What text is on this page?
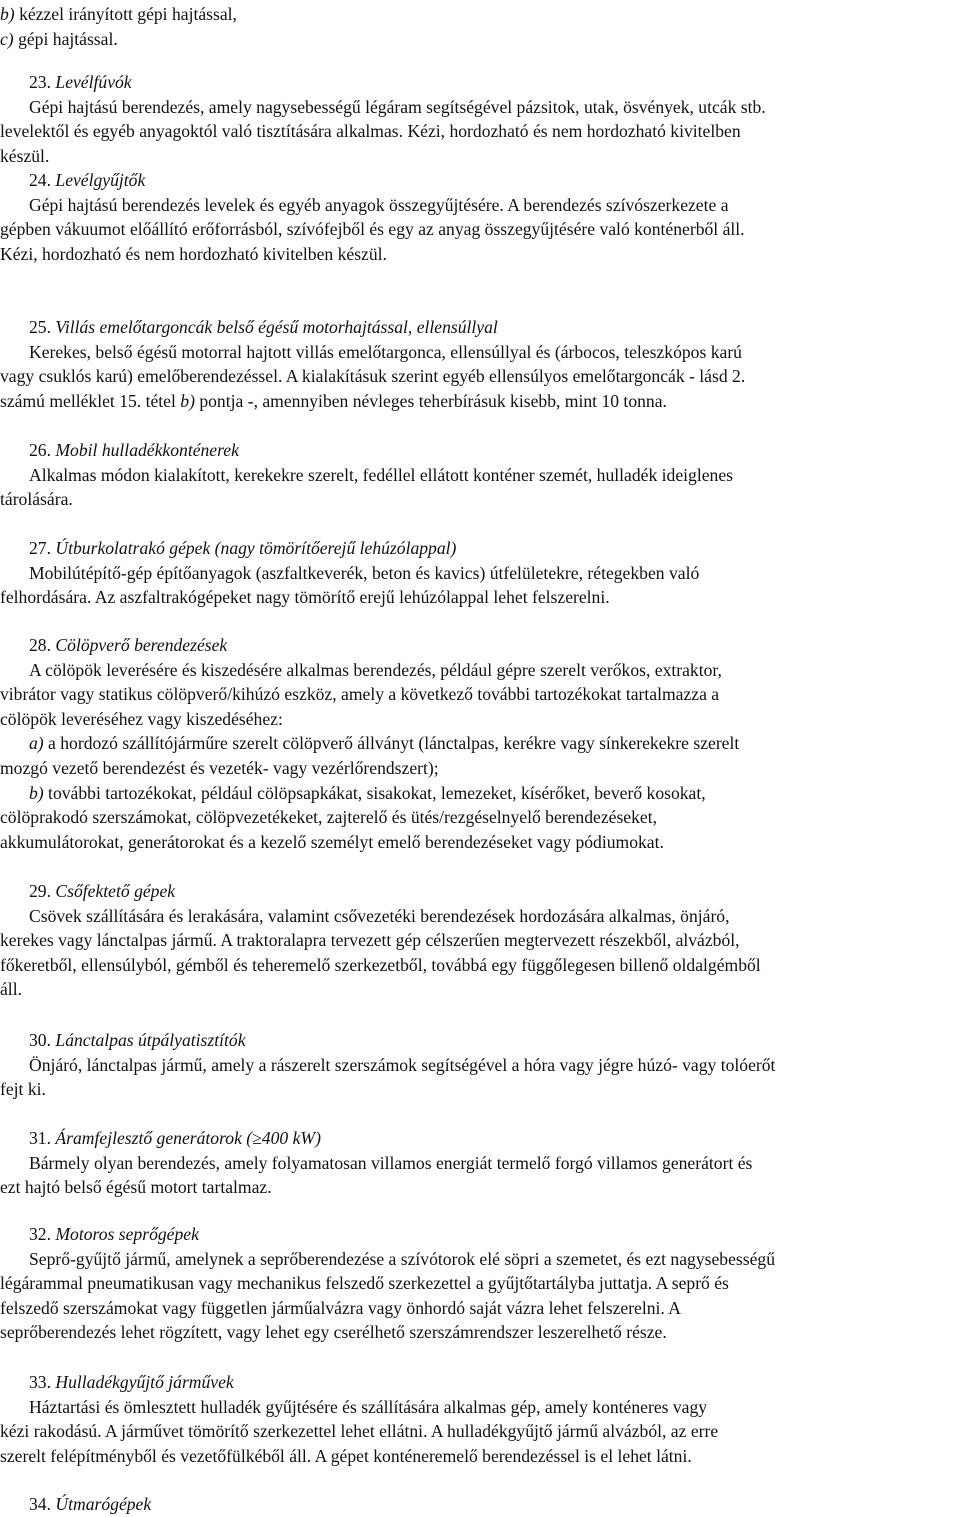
b) kézzel irányított gépi hajtással,

c) gépi hajtással.

23. Levélfúvók

Gépi hajtású berendezés, amely nagysebességű légáram segítségével pázsitok, utak, ösvények, utcák stb.

levelektől és egyéb anyagoktól való tisztítására alkalmas. Kézi, hordozható és nem hordozható kivitelben

készül.

24. Levélgyűjtők

Gépi hajtású berendezés levelek és egyéb anyagok összegyűjtésére. A berendezés szívószerkezete a

gépben vákuumot előállító erőforrásból, szívófejből és egy az anyag összegyűjtésére való konténerből áll.

Kézi, hordozható és nem hordozható kivitelben készül.

25. Villás emelőtargoncák belső égésű motorhajtással, ellensúllyal

Kerekes, belső égésű motorral hajtott villás emelőtargonca, ellensúllyal és (árbocos, teleszkópos karú

vagy csuklós karú) emelőberendezéssel. A kialakításuk szerint egyéb ellensúlyos emelőtargoncák - lásd 2.

számú melléklet 15. tétel b) pontja -, amennyiben névleges teherbírásuk kisebb, mint 10 tonna.

26. Mobil hulladékkonténerek

Alkalmas módon kialakított, kerekekre szerelt, fedéllel ellátott konténer szemét, hulladék ideiglenes

tárolására.

27. Útburkolatrakó gépek (nagy tömörítőerejű lehúzólappal)

Mobilútépítő-gép építőanyagok (aszfaltkeverék, beton és kavics) útfelületekre, rétegekben való

felhordására. Az aszfaltrakógépeket nagy tömörítő erejű lehúzólappal lehet felszerelni.

28. Cölöpverő berendezések

A cölöpök leverésére és kiszedésére alkalmas berendezés, például gépre szerelt verőkos, extraktor,

vibrátor vagy statikus cölöpverő/kihúzó eszköz, amely a következő további tartozékokat tartalmazza a

cölöpök leveréséhez vagy kiszedéséhez:

a) a hordozó szállítójárműre szerelt cölöpverő állványt (lánctalpas, kerékre vagy sínkerekekre szerelt

mozgó vezető berendezést és vezeték- vagy vezérlőrendszert);

b) további tartozékokat, például cölöpsapkákat, sisakokat, lemezeket, kísérőket, beverő kosokat,

cölöprakodó szerszámokat, cölöpvezetékeket, zajterelő és ütés/rezgéselnyelő berendezéseket,

akkumulátorokat, generátorokat és a kezelő személyt emelő berendezéseket vagy pódiumokat.

29. Csőfektető gépek

Csövek szállítására és lerakására, valamint csővezetéki berendezések hordozására alkalmas, önjáró,

kerekes vagy lánctalpas jármű. A traktoralapra tervezett gép célszerűen megtervezett részekből, alvázból,

főkeretből, ellensúlyból, gémből és teheremelő szerkezetből, továbbá egy függőlegesen billenő oldalgémből

áll.

30. Lánctalpas útpályatisztítók

Önjáró, lánctalpas jármű, amely a rászerelt szerszámok segítségével a hóra vagy jégre húzó- vagy tolóerőt

fejt ki.

31. Áramfejlesztő generátorok (≥400 kW)

Bármely olyan berendezés, amely folyamatosan villamos energiát termelő forgó villamos generátort és

ezt hajtó belső égésű motort tartalmaz.

32. Motoros seprőgépek

Seprő-gyűjtő jármű, amelynek a seprőberendezése a szívótorok elé söpri a szemetet, és ezt nagysebességű

légárammal pneumatikusan vagy mechanikus felszedő szerkezettel a gyűjtőtartályba juttatja. A seprő és

felszedő szerszámokat vagy független járműalvázra vagy önhordó saját vázra lehet felszerelni. A

seprőberendezés lehet rögzített, vagy lehet egy cserélhető szerszámrendszer leszerelhető része.

33. Hulladékgyűjtő járművek

Háztartási és ömlesztett hulladék gyűjtésére és szállítására alkalmas gép, amely konténeres vagy

kézi rakodású. A járművet tömörítő szerkezettel lehet ellátni. A hulladékgyűjtő jármű alvázból, az erre

szerelt felépítményből és vezetőfülkéből áll. A gépet konténeremelő berendezéssel is el lehet látni.

34. Útmarógépek
